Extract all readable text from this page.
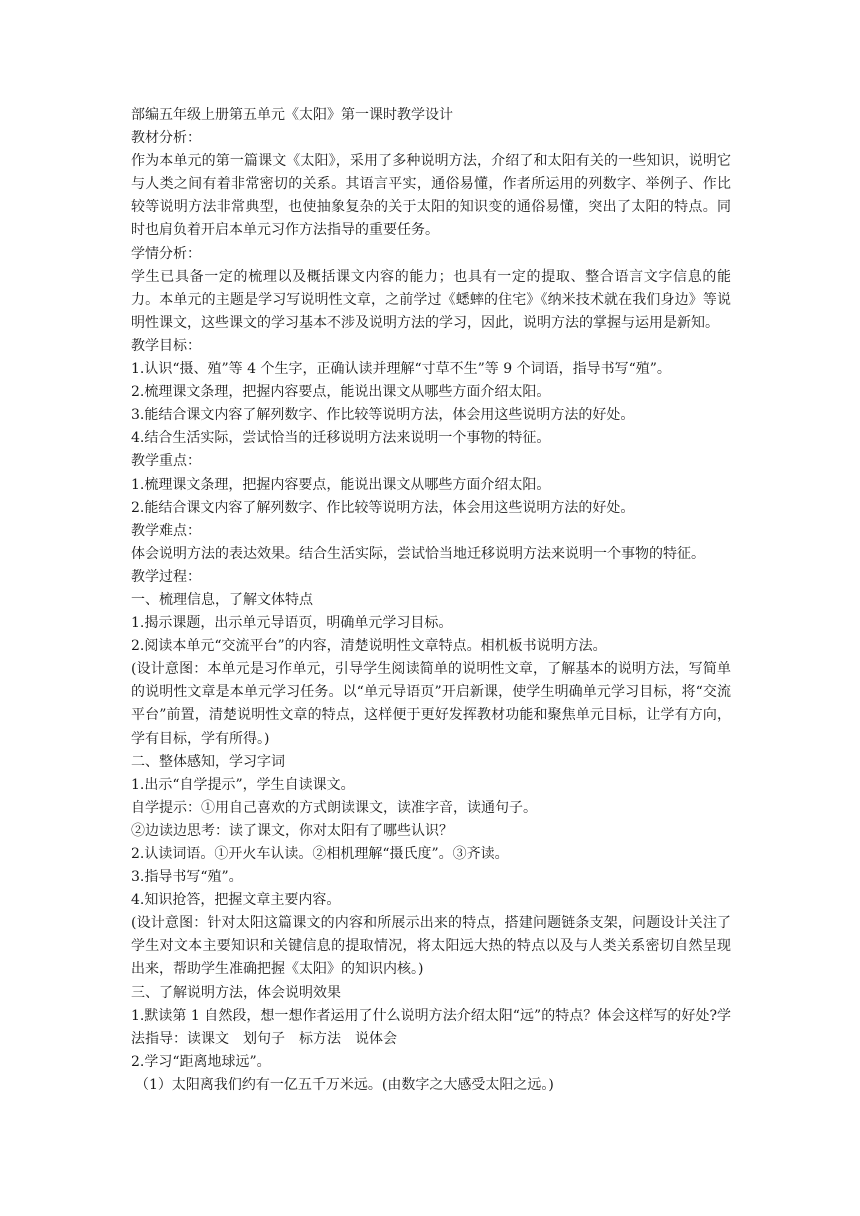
部编五年级上册第五单元《太阳》第一课时教学设计

教材分析：

作为本单元的第一篇课文《太阳》，采用了多种说明方法，介绍了和太阳有关的一些知识，说明它与人类之间有着非常密切的关系。其语言平实，通俗易懂，作者所运用的列数字、举例子、作比较等说明方法非常典型，也使抽象复杂的关于太阳的知识变的通俗易懂，突出了太阳的特点。同时也肩负着开启本单元习作方法指导的重要任务。

学情分析：

学生已具备一定的梳理以及概括课文内容的能力；也具有一定的提取、整合语言文字信息的能力。本单元的主题是学习写说明性文章，之前学过《蟋蟀的住宅》《纳米技术就在我们身边》等说明性课文，这些课文的学习基本不涉及说明方法的学习，因此，说明方法的掌握与运用是新知。

教学目标：

1.认识“摄、殖”等 4 个生字，正确认读并理解“寸草不生”等 9 个词语，指导书写“殖”。

2.梳理课文条理，把握内容要点，能说出课文从哪些方面介绍太阳。

3.能结合课文内容了解列数字、作比较等说明方法，体会用这些说明方法的好处。

4.结合生活实际，尝试恰当的迁移说明方法来说明一个事物的特征。

教学重点：

1.梳理课文条理，把握内容要点，能说出课文从哪些方面介绍太阳。

2.能结合课文内容了解列数字、作比较等说明方法，体会用这些说明方法的好处。

教学难点：

体会说明方法的表达效果。结合生活实际，尝试恰当地迁移说明方法来说明一个事物的特征。

教学过程：

一、梳理信息，了解文体特点

1.揭示课题，出示单元导语页，明确单元学习目标。

2.阅读本单元“交流平台”的内容，清楚说明性文章特点。相机板书说明方法。

(设计意图：本单元是习作单元，引导学生阅读简单的说明性文章，了解基本的说明方法，写简单的说明性文章是本单元学习任务。以“单元导语页”开启新课，使学生明确单元学习目标，将“交流平台”前置，清楚说明性文章的特点，这样便于更好发挥教材功能和聚焦单元目标，让学有方向，学有目标，学有所得。)

二、整体感知，学习字词

1.出示“自学提示”，学生自读课文。

自学提示：①用自己喜欢的方式朗读课文，读准字音，读通句子。

②边读边思考：读了课文，你对太阳有了哪些认识？

2.认读词语。①开火车认读。②相机理解“摄氏度”。③齐读。

3.指导书写“殖”。

4.知识抢答，把握文章主要内容。

(设计意图：针对太阳这篇课文的内容和所展示出来的特点，搭建问题链条支架，问题设计关注了学生对文本主要知识和关键信息的提取情况，将太阳远大热的特点以及与人类关系密切自然呈现出来，帮助学生准确把握《太阳》的知识内核。)

三、了解说明方法，体会说明效果

1.默读第 1 自然段，想一想作者运用了什么说明方法介绍太阳“远”的特点？体会这样写的好处?学法指导：读课文　划句子　标方法　说体会

2.学习“距离地球远”。

（1）太阳离我们约有一亿五千万米远。(由数字之大感受太阳之远。)
